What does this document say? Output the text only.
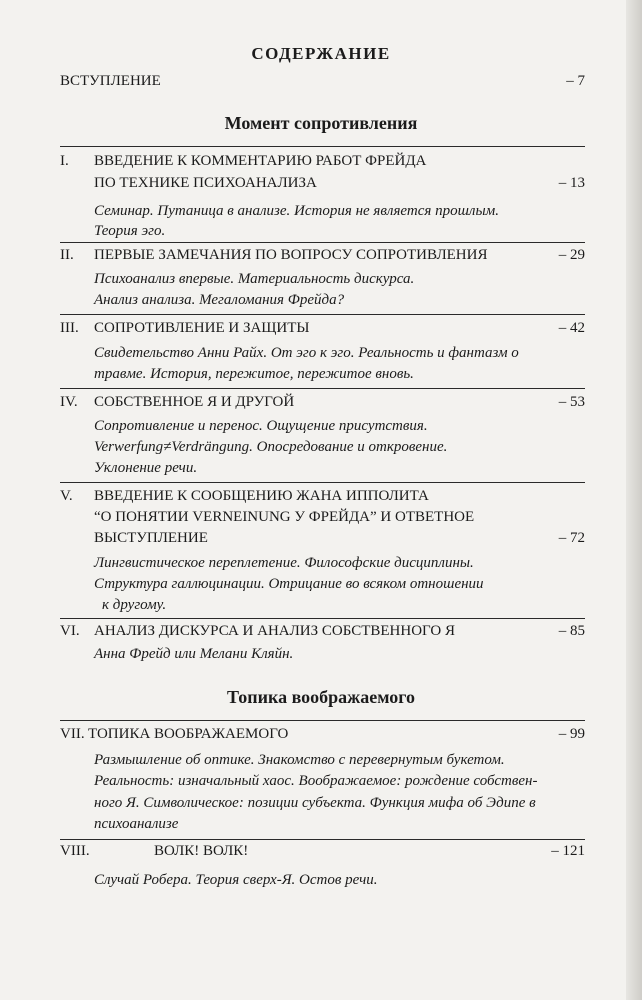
СОДЕРЖАНИЕ
ВСТУПЛЕНИЕ	– 7
Момент сопротивления
I. ВВЕДЕНИЕ К КОММЕНТАРИЮ РАБОТ ФРЕЙДА
ПО ТЕХНИКЕ ПСИХОАНАЛИЗА	– 13
Семинар. Путаница в анализе. История не является прошлым.
Теория эго.
II. ПЕРВЫЕ ЗАМЕЧАНИЯ ПО ВОПРОСУ СОПРОТИВЛЕНИЯ	– 29
Психоанализ впервые. Материальность дискурса.
Анализ анализа. Мегаломания Фрейда?
III. СОПРОТИВЛЕНИЕ И ЗАЩИТЫ	– 42
Свидетельство Анни Райх. От эго к эго. Реальность и фантазм о
травме. История, пережитое, пережитое вновь.
IV. СОБСТВЕННОЕ Я И ДРУГОЙ	– 53
Сопротивление и перенос. Ощущение присутствия.
Verwerfung≠Verdrängung. Опосредование и откровение.
Уклонение речи.
V. ВВЕДЕНИЕ К СООБЩЕНИЮ ЖАНА ИППОЛИТА
“О ПОНЯТИИ VERNEINUNG У ФРЕЙДА” И ОТВЕТНОЕ
ВЫСТУПЛЕНИЕ	– 72
Лингвистическое переплетение. Философские дисциплины.
Структура галлюцинации. Отрицание во всяком отношении
к другому.
VI. АНАЛИЗ ДИСКУРСА И АНАЛИЗ СОБСТВЕННОГО Я	– 85
Анна Фрейд или Мелани Кляйн.
Топика воображаемого
VII. ТОПИКА ВООБРАЖАЕМОГО	– 99
Размышление об оптике. Знакомство с перевернутым букетом.
Реальность: изначальный хаос. Воображаемое: рождение собствен-
ного Я. Символическое: позиции субъекта. Функция мифа об Эдипе в
психоанализе
VIII.	ВОЛК! ВОЛК!	– 121
Случай Робера. Теория сверх-Я. Остов речи.
